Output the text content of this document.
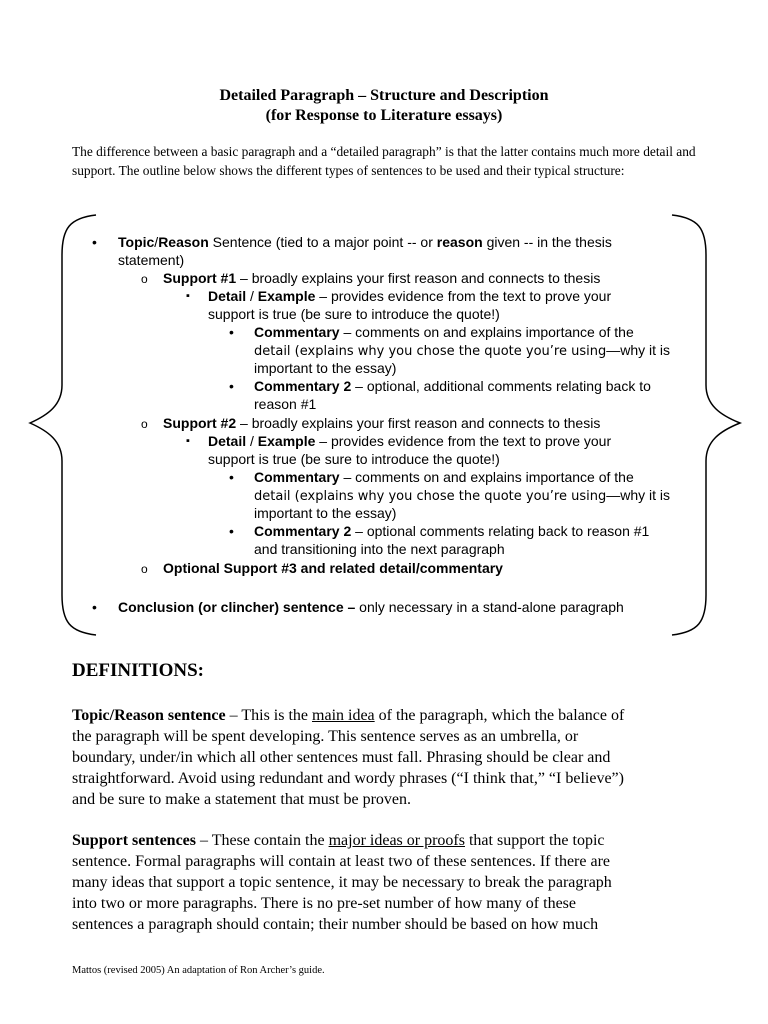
Detailed Paragraph – Structure and Description
(for Response to Literature essays)
The difference between a basic paragraph and a “detailed paragraph” is that the latter contains much more detail and support. The outline below shows the different types of sentences to be used and their typical structure:
• Topic/Reason Sentence (tied to a major point -- or reason given -- in the thesis
statement)
o Support #1 – broadly explains your first reason and connects to thesis
▪ Detail / Example – provides evidence from the text to prove your
support is true (be sure to introduce the quote!)
• Commentary – comments on and explains importance of the
detail (explains why you chose the quote you’re using—why it is
important to the essay)
• Commentary 2 – optional, additional comments relating back to
reason #1
o Support #2 – broadly explains your first reason and connects to thesis
▪ Detail / Example – provides evidence from the text to prove your
support is true (be sure to introduce the quote!)
• Commentary – comments on and explains importance of the
detail (explains why you chose the quote you’re using—why it is
important to the essay)
• Commentary 2 – optional comments relating back to reason #1
and transitioning into the next paragraph
o Optional Support #3 and related detail/commentary
• Conclusion (or clincher) sentence – only necessary in a stand-alone paragraph
DEFINITIONS:
Topic/Reason sentence – This is the main idea of the paragraph, which the balance of
the paragraph will be spent developing. This sentence serves as an umbrella, or
boundary, under/in which all other sentences must fall. Phrasing should be clear and
straightforward. Avoid using redundant and wordy phrases (“I think that,” “I believe”)
and be sure to make a statement that must be proven.
Support sentences – These contain the major ideas or proofs that support the topic
sentence. Formal paragraphs will contain at least two of these sentences. If there are
many ideas that support a topic sentence, it may be necessary to break the paragraph
into two or more paragraphs. There is no pre-set number of how many of these
sentences a paragraph should contain; their number should be based on how much
Mattos (revised 2005) An adaptation of Ron Archer’s guide.
